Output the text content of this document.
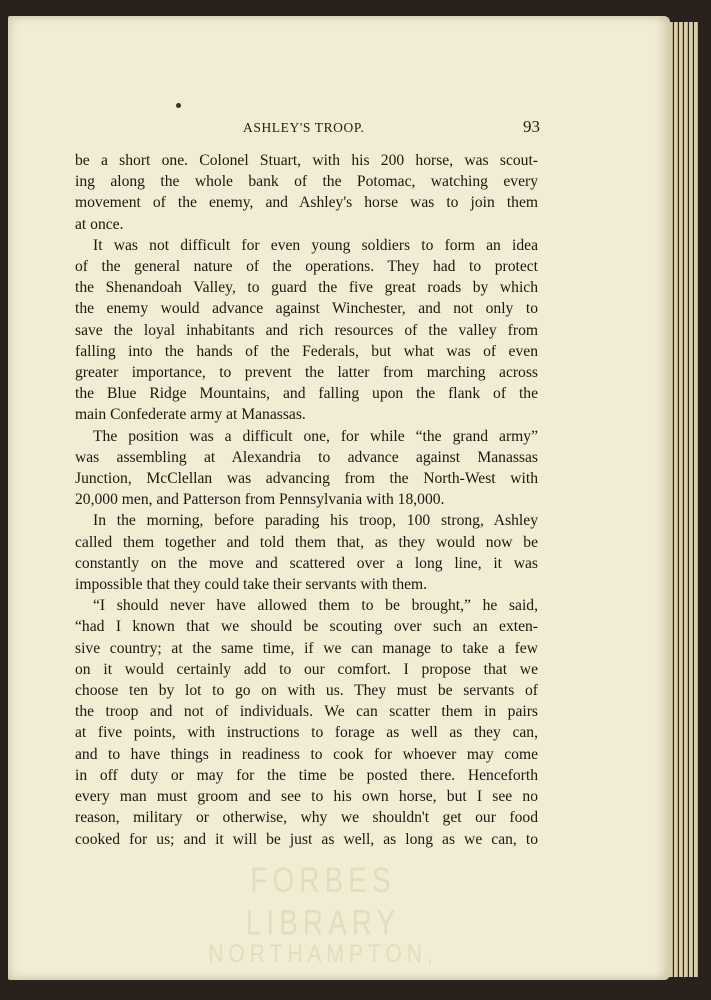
ASHLEY'S TROOP.	93
be a short one. Colonel Stuart, with his 200 horse, was scout-
ing along the whole bank of the Potomac, watching every
movement of the enemy, and Ashley's horse was to join them
at once.
It was not difficult for even young soldiers to form an idea
of the general nature of the operations. They had to protect
the Shenandoah Valley, to guard the five great roads by which
the enemy would advance against Winchester, and not only to
save the loyal inhabitants and rich resources of the valley from
falling into the hands of the Federals, but what was of even
greater importance, to prevent the latter from marching across
the Blue Ridge Mountains, and falling upon the flank of the
main Confederate army at Manassas.
The position was a difficult one, for while “the grand army”
was assembling at Alexandria to advance against Manassas
Junction, McClellan was advancing from the North-West with
20,000 men, and Patterson from Pennsylvania with 18,000.
In the morning, before parading his troop, 100 strong, Ashley
called them together and told them that, as they would now be
constantly on the move and scattered over a long line, it was
impossible that they could take their servants with them.
“I should never have allowed them to be brought,” he said,
“had I known that we should be scouting over such an exten-
sive country; at the same time, if we can manage to take a few
on it would certainly add to our comfort. I propose that we
choose ten by lot to go on with us. They must be servants of
the troop and not of individuals. We can scatter them in pairs
at five points, with instructions to forage as well as they can,
and to have things in readiness to cook for whoever may come
in off duty or may for the time be posted there. Henceforth
every man must groom and see to his own horse, but I see no
reason, military or otherwise, why we shouldn't get our food
cooked for us; and it will be just as well, as long as we can, to
FORBES LIBRARY
NORTHAMPTON,
